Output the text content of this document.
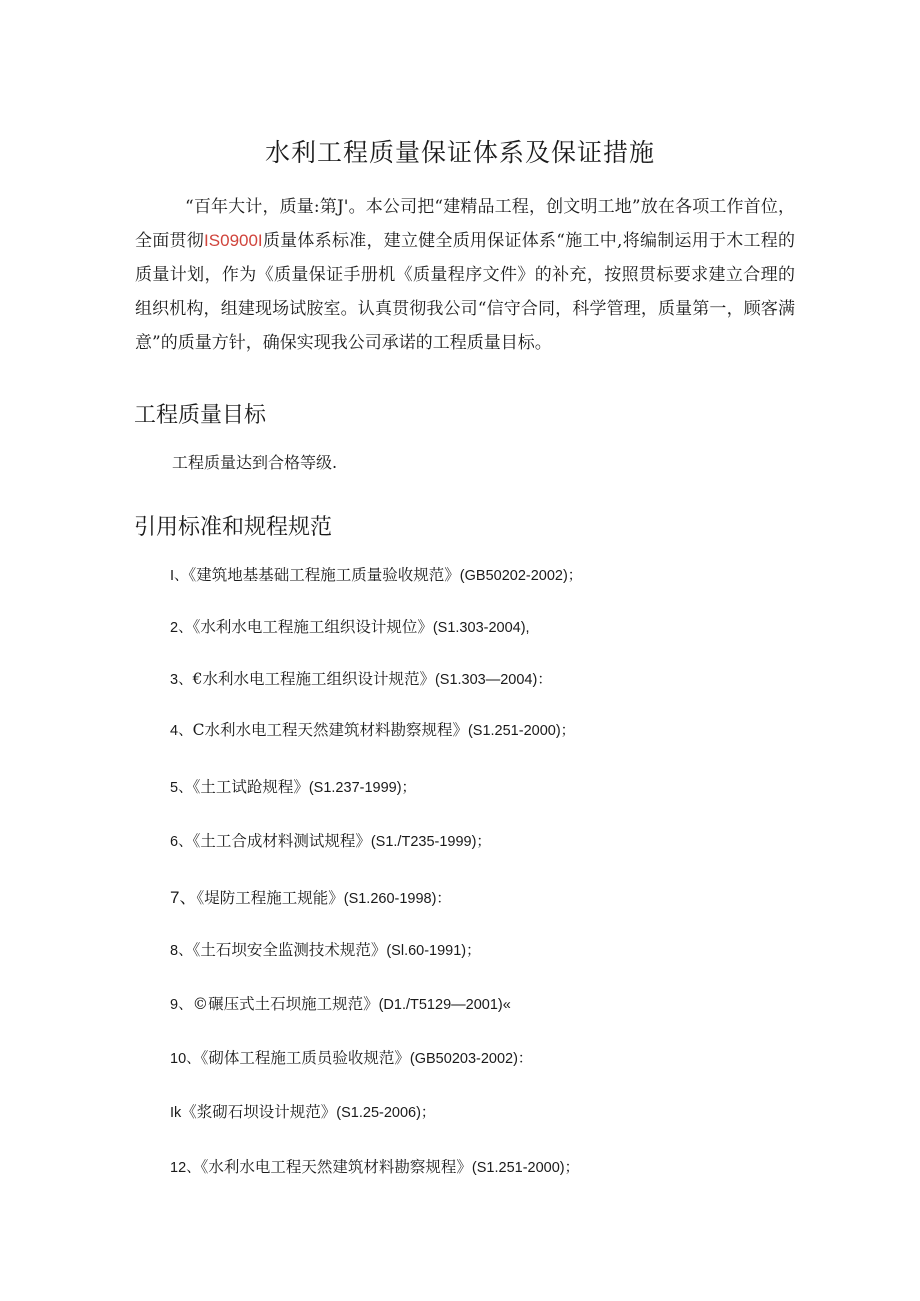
水利工程质量保证体系及保证措施

“百年大计，质量:第J'。本公司把“建精品工程，创文明工地”放在各项工作首位，全面贯彻IS0900I质量体系标准，建立健全质用保证体系“施工中,将编制运用于木工程的质量计划，作为《质量保证手册机《质量程序文件》的补充，按照贯标要求建立合理的组织机构，组建现场试胺室。认真贯彻我公司“信守合同，科学管理，质量第一，顾客满意”的质量方针，确保实现我公司承诺的工程质量目标。

工程质量目标

工程质量达到合格等级.

引用标准和规程规范

I、《建筑地基基础工程施工质量验收规范》(GB50202-2002)；

2、《水利水电工程施工组织设计规位》(S1.303-2004),

3、€水利水电工程施工组织设计规范》(S1.303—2004)：

4、C水利水电工程天然建筑材料勘察规程》(S1.251-2000)；

5、《土工试跄规程》(S1.237-1999)；

6、《土工合成材料测试规程》(S1./T235-1999)；

7、《堤防工程施工规能》(S1.260-1998)：

8、《土石坝安全监测技术规范》(Sl.60-1991)；

9、©碾压式土石坝施工规范》(D1./T5129—2001)«

10、《砌体工程施工质员验收规范》(GB50203-2002)：

Ik《浆砌石坝设计规范》(S1.25-2006)；

12、《水利水电工程天然建筑材料勘察规程》(S1.251-2000)；
